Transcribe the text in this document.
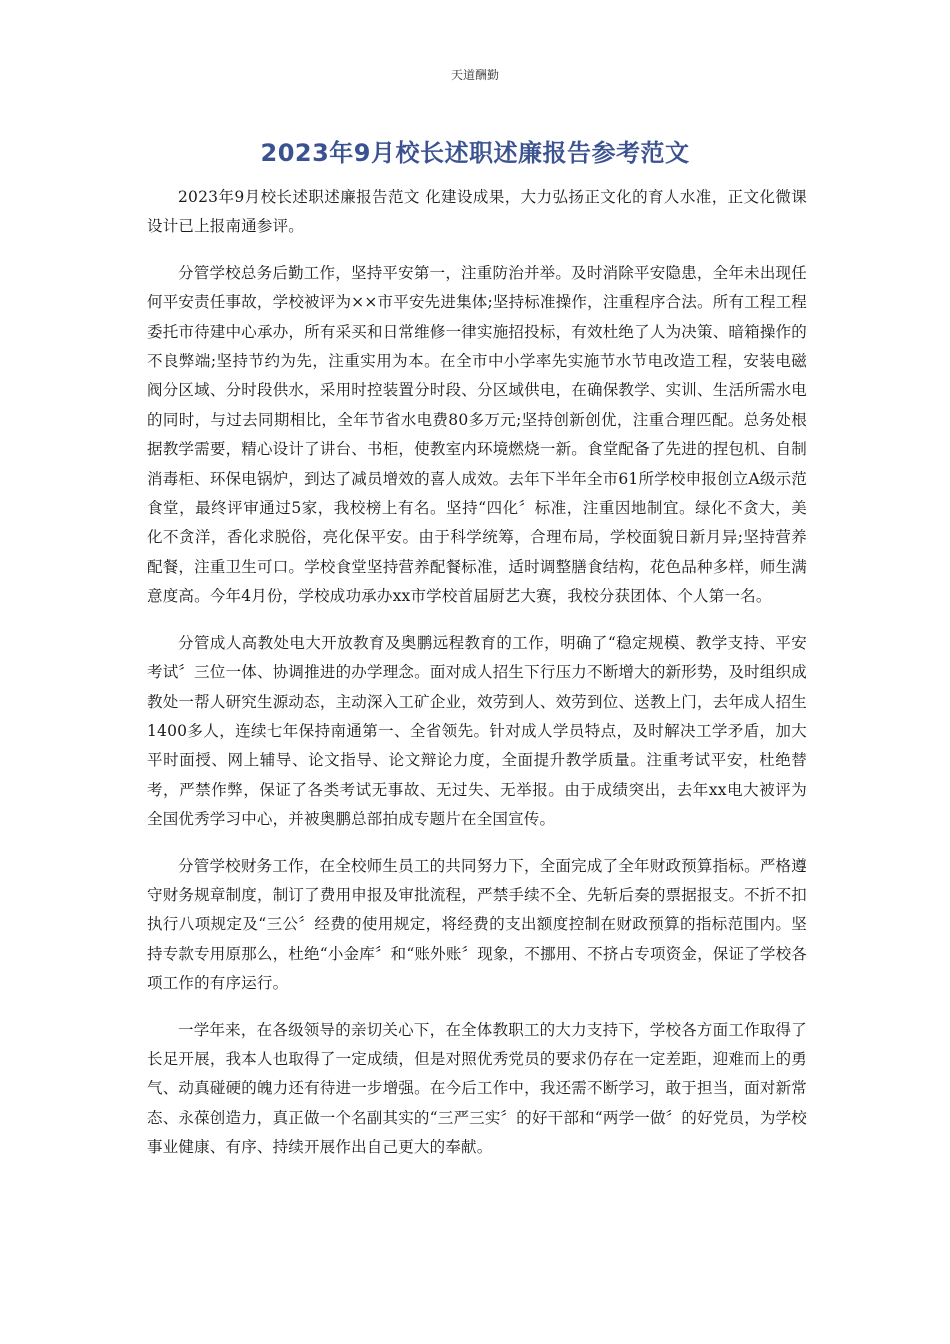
天道酬勤
2023年9月校长述职述廉报告参考范文

2023年9月校长述职述廉报告范文 化建设成果，大力弘扬正文化的育人水准，正文化微课设计已上报南通参评。

分管学校总务后勤工作，坚持平安第一，注重防治并举。及时消除平安隐患，全年未出现任何平安责任事故，学校被评为××市平安先进集体;坚持标准操作，注重程序合法。所有工程工程委托市待建中心承办，所有采买和日常维修一律实施招投标，有效杜绝了人为决策、暗箱操作的不良弊端;坚持节约为先，注重实用为本。在全市中小学率先实施节水节电改造工程，安装电磁阀分区域、分时段供水，采用时控装置分时段、分区域供电，在确保教学、实训、生活所需水电的同时，与过去同期相比，全年节省水电费80多万元;坚持创新创优，注重合理匹配。总务处根据教学需要，精心设计了讲台、书柜，使教室内环境燃烧一新。食堂配备了先进的捏包机、自制消毒柜、环保电锅炉，到达了减员增效的喜人成效。去年下半年全市61所学校申报创立A级示范食堂，最终评审通过5家，我校榜上有名。坚持“四化〞标准，注重因地制宜。绿化不贪大，美化不贪洋，香化求脱俗，亮化保平安。由于科学统筹，合理布局，学校面貌日新月异;坚持营养配餐，注重卫生可口。学校食堂坚持营养配餐标准，适时调整膳食结构，花色品种多样，师生满意度高。今年4月份，学校成功承办xx市学校首届厨艺大赛，我校分获团体、个人第一名。

分管成人高教处电大开放教育及奥鹏远程教育的工作，明确了“稳定规模、教学支持、平安考试〞三位一体、协调推进的办学理念。面对成人招生下行压力不断增大的新形势，及时组织成教处一帮人研究生源动态，主动深入工矿企业，效劳到人、效劳到位、送教上门，去年成人招生1400多人，连续七年保持南通第一、全省领先。针对成人学员特点，及时解决工学矛盾，加大平时面授、网上辅导、论文指导、论文辩论力度，全面提升教学质量。注重考试平安，杜绝替考，严禁作弊，保证了各类考试无事故、无过失、无举报。由于成绩突出，去年xx电大被评为全国优秀学习中心，并被奥鹏总部拍成专题片在全国宣传。

分管学校财务工作，在全校师生员工的共同努力下，全面完成了全年财政预算指标。严格遵守财务规章制度，制订了费用申报及审批流程，严禁手续不全、先斩后奏的票据报支。不折不扣执行八项规定及“三公〞经费的使用规定，将经费的支出额度控制在财政预算的指标范围内。坚持专款专用原那么，杜绝“小金库〞和“账外账〞现象，不挪用、不挤占专项资金，保证了学校各项工作的有序运行。

一学年来，在各级领导的亲切关心下，在全体教职工的大力支持下，学校各方面工作取得了长足开展，我本人也取得了一定成绩，但是对照优秀党员的要求仍存在一定差距，迎难而上的勇气、动真碰硬的魄力还有待进一步增强。在今后工作中，我还需不断学习，敢于担当，面对新常态、永葆创造力，真正做一个名副其实的“三严三实〞的好干部和“两学一做〞的好党员，为学校事业健康、有序、持续开展作出自己更大的奉献。
